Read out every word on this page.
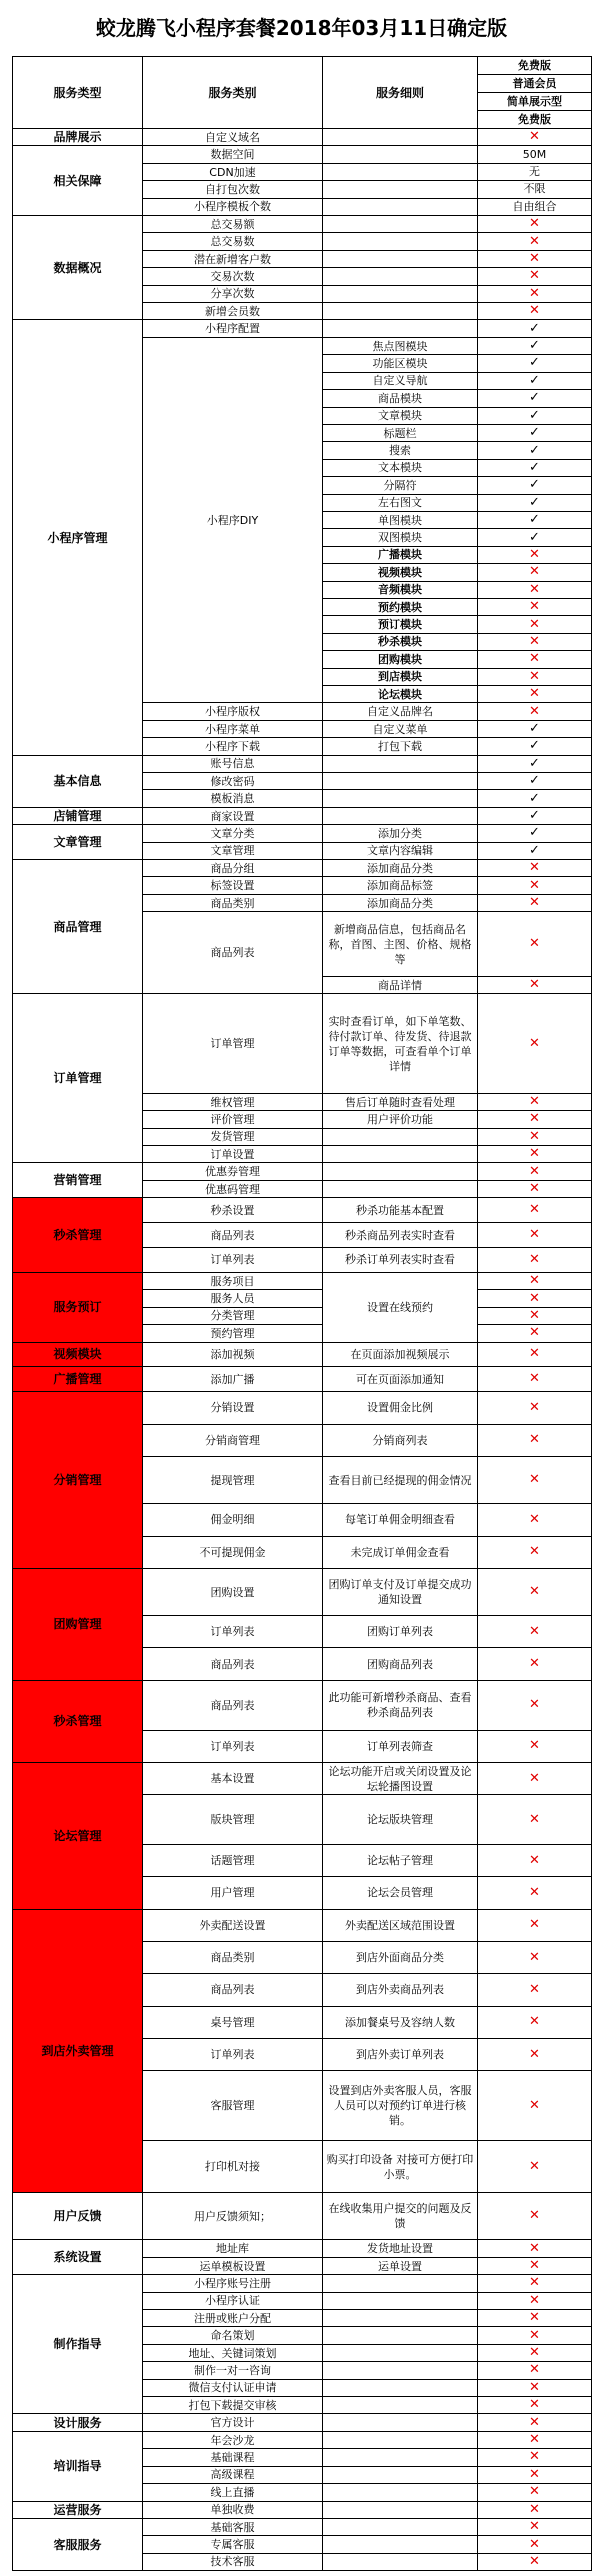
蛟龙腾飞小程序套餐2018年03月11日确定版
服务类型	服务类别	服务细则	免费版
			普通会员
			简单展示型
			免费版
品牌展示	自定义域名		✕
相关保障	数据空间		50M
	CDN加速		无
	自打包次数		不限
	小程序模板个数		自由组合
数据概况	总交易额		✕
	总交易数		✕
	潜在新增客户数		✕
	交易次数		✕
	分享次数		✕
	新增会员数		✕
小程序管理	小程序配置		✓
	小程序DIY	焦点图模块	✓
		功能区模块	✓
		自定义导航	✓
		商品模块	✓
		文章模块	✓
		标题栏	✓
		搜索	✓
		文本模块	✓
		分隔符	✓
		左右图文	✓
		单图模块	✓
		双图模块	✓
		广播模块	✕
		视频模块	✕
		音频模块	✕
		预约模块	✕
		预订模块	✕
		秒杀模块	✕
		团购模块	✕
		到店模块	✕
		论坛模块	✕
	小程序版权	自定义品牌名	✕
	小程序菜单	自定义菜单	✓
	小程序下载	打包下载	✓
基本信息	账号信息		✓
	修改密码		✓
	模板消息		✓
店铺管理	商家设置		✓
文章管理	文章分类	添加分类	✓
	文章管理	文章内容编辑	✓
商品管理	商品分组	添加商品分类	✕
	标签设置	添加商品标签	✕
	商品类别	添加商品分类	✕
	商品列表	新增商品信息，包括商品名称，首图、主图、价格、规格等	✕
		商品详情	✕
订单管理	订单管理	实时查看订单，如下单笔数、待付款订单、待发货、待退款订单等数据，可查看单个订单详情	✕
	维权管理	售后订单随时查看处理	✕
	评价管理	用户评价功能	✕
	发货管理		✕
	订单设置		✕
营销管理	优惠券管理		✕
	优惠码管理		✕
秒杀管理	秒杀设置	秒杀功能基本配置	✕
	商品列表	秒杀商品列表实时查看	✕
	订单列表	秒杀订单列表实时查看	✕
服务预订	服务项目	设置在线预约	✕
	服务人员		✕
	分类管理		✕
	预约管理		✕
视频模块	添加视频	在页面添加视频展示	✕
广播管理	添加广播	可在页面添加通知	✕
分销管理	分销设置	设置佣金比例	✕
	分销商管理	分销商列表	✕
	提现管理	查看目前已经提现的佣金情况	✕
	佣金明细	每笔订单佣金明细查看	✕
	不可提现佣金	未完成订单佣金查看	✕
团购管理	团购设置	团购订单支付及订单提交成功通知设置	✕
	订单列表	团购订单列表	✕
	商品列表	团购商品列表	✕
秒杀管理	商品列表	此功能可新增秒杀商品、查看秒杀商品列表	✕
	订单列表	订单列表筛查	✕
论坛管理	基本设置	论坛功能开启或关闭设置及论坛轮播图设置	✕
	版块管理	论坛版块管理	✕
	话题管理	论坛帖子管理	✕
	用户管理	论坛会员管理	✕
到店外卖管理	外卖配送设置	外卖配送区域范围设置	✕
	商品类别	到店外面商品分类	✕
	商品列表	到店外卖商品列表	✕
	桌号管理	添加餐桌号及容纳人数	✕
	订单列表	到店外卖订单列表	✕
	客服管理	设置到店外卖客服人员，客服人员可以对预约订单进行核销。	✕
	打印机对接	购买打印设备 对接可方便打印小票。	✕
用户反馈	用户反馈须知；	在线收集用户提交的问题及反馈	✕
系统设置	地址库	发货地址设置	✕
	运单模板设置	运单设置	✕
制作指导	小程序账号注册		✕
	小程序认证		✕
	注册或账户分配		✕
	命名策划		✕
	地址、关键词策划		✕
	制作一对一咨询		✕
	微信支付认证申请		✕
	打包下载提交审核		✕
设计服务	官方设计		✕
培训指导	年会沙龙		✕
	基础课程		✕
	高级课程		✕
	线上直播		✕
运营服务	单独收费		✕
客服服务	基础客服		✕
	专属客服		✕
	技术客服		✕
